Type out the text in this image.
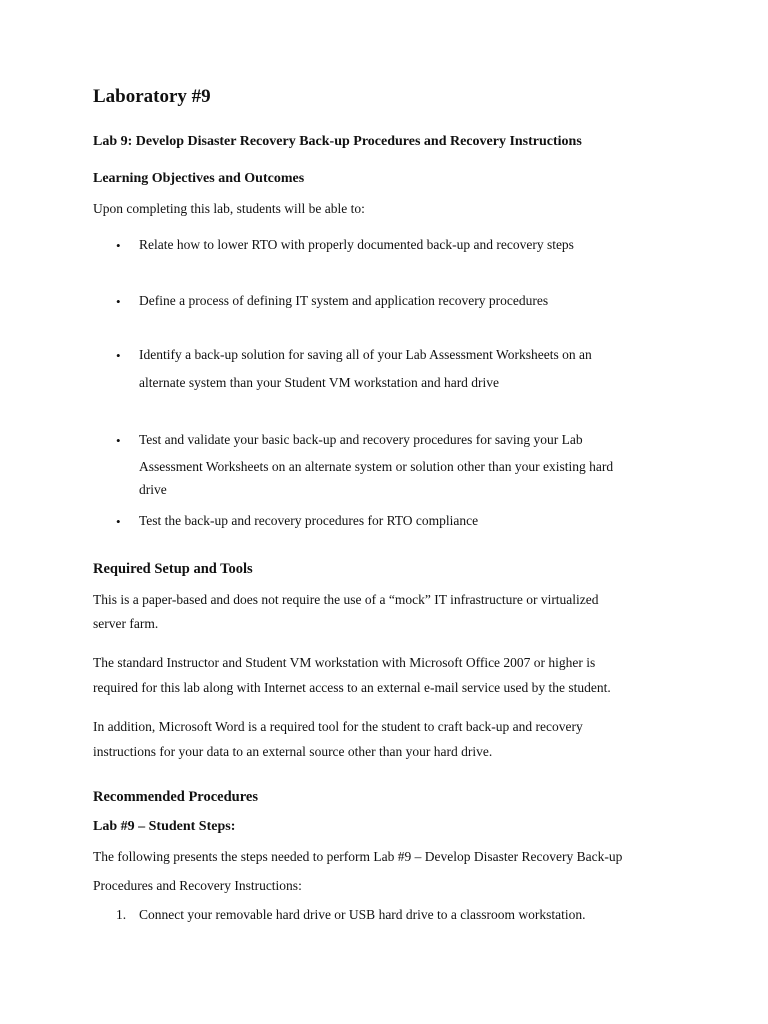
Laboratory #9
Lab 9: Develop Disaster Recovery Back-up Procedures and Recovery Instructions
Learning Objectives and Outcomes
Upon completing this lab, students will be able to:
• Relate how to lower RTO with properly documented back-up and recovery steps
• Define a process of defining IT system and application recovery procedures
• Identify a back-up solution for saving all of your Lab Assessment Worksheets on an
alternate system than your Student VM workstation and hard drive
• Test and validate your basic back-up and recovery procedures for saving your Lab
Assessment Worksheets on an alternate system or solution other than your existing hard
drive
• Test the back-up and recovery procedures for RTO compliance
Required Setup and Tools
This is a paper-based and does not require the use of a “mock” IT infrastructure or virtualized
server farm.
The standard Instructor and Student VM workstation with Microsoft Office 2007 or higher is
required for this lab along with Internet access to an external e-mail service used by the student.
In addition, Microsoft Word is a required tool for the student to craft back-up and recovery
instructions for your data to an external source other than your hard drive.
Recommended Procedures
Lab #9 – Student Steps:
The following presents the steps needed to perform Lab #9 – Develop Disaster Recovery Back-up
Procedures and Recovery Instructions:
1. Connect your removable hard drive or USB hard drive to a classroom workstation.
